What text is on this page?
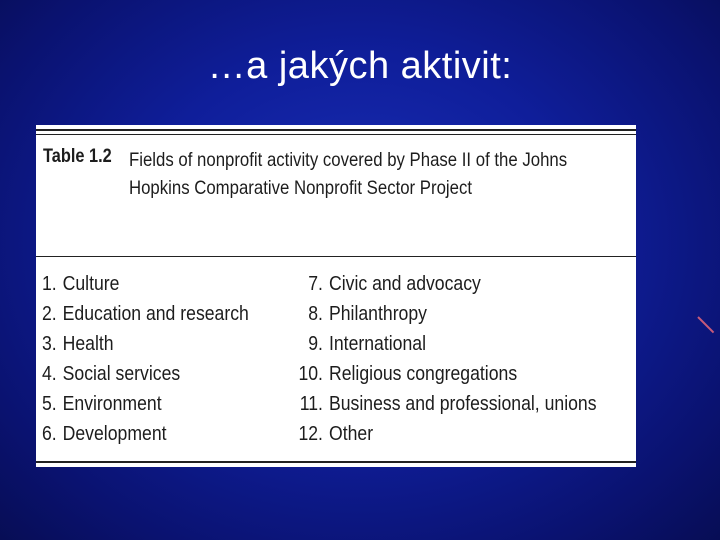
…a jakých aktivit:
Table 1.2 Fields of nonprofit activity covered by Phase II of the Johns Hopkins Comparative Nonprofit Sector Project
1. Culture
2. Education and research
3. Health
4. Social services
5. Environment
6. Development
7. Civic and advocacy
8. Philanthropy
9. International
10. Religious congregations
11. Business and professional, unions
12. Other
